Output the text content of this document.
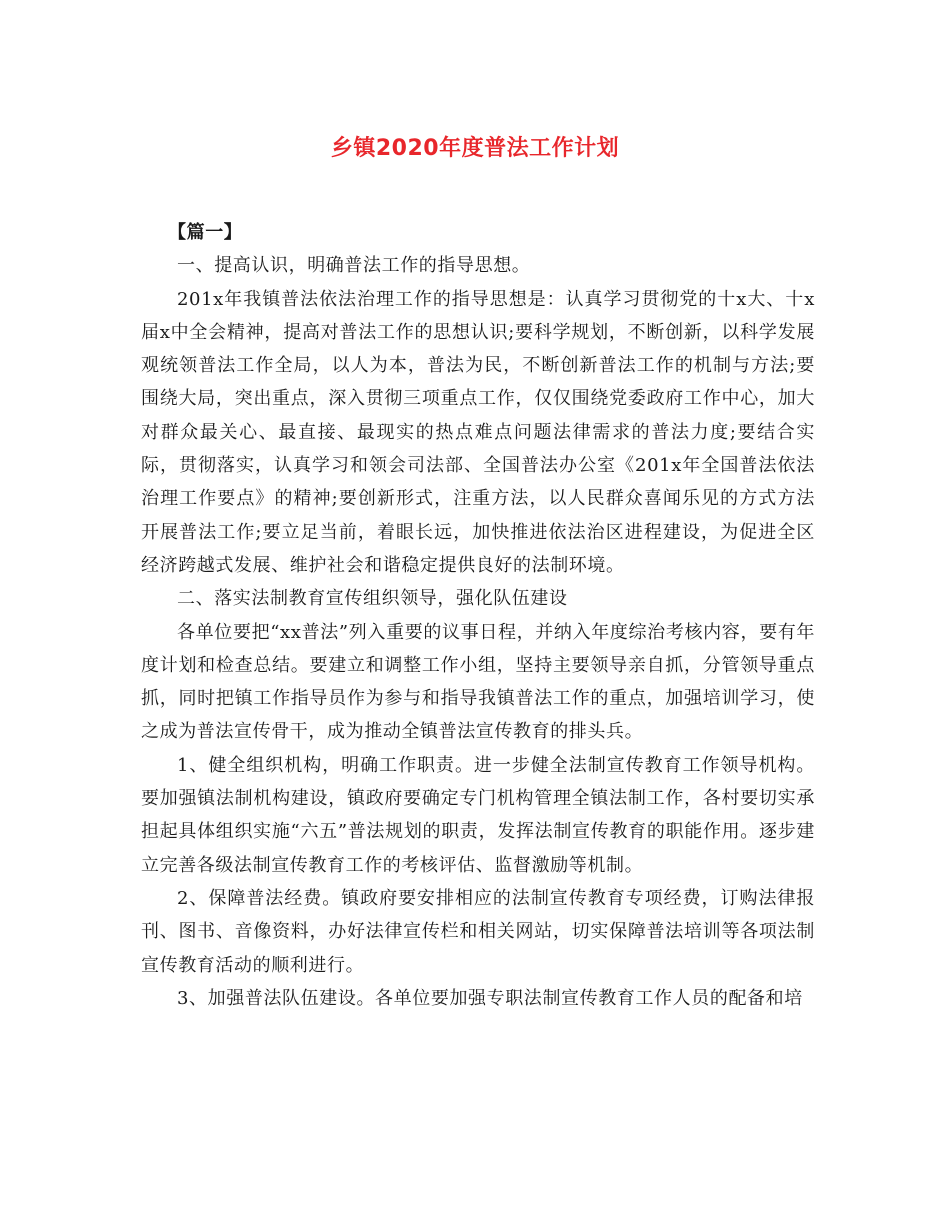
乡镇2020年度普法工作计划

【篇一】

一、提高认识，明确普法工作的指导思想。

201x年我镇普法依法治理工作的指导思想是：认真学习贯彻党的十x大、十x届x中全会精神，提高对普法工作的思想认识;要科学规划，不断创新，以科学发展观统领普法工作全局，以人为本，普法为民，不断创新普法工作的机制与方法;要围绕大局，突出重点，深入贯彻三项重点工作，仅仅围绕党委政府工作中心，加大对群众最关心、最直接、最现实的热点难点问题法律需求的普法力度;要结合实际，贯彻落实，认真学习和领会司法部、全国普法办公室《201x年全国普法依法治理工作要点》的精神;要创新形式，注重方法，以人民群众喜闻乐见的方式方法开展普法工作;要立足当前，着眼长远，加快推进依法治区进程建设，为促进全区经济跨越式发展、维护社会和谐稳定提供良好的法制环境。

二、落实法制教育宣传组织领导，强化队伍建设

各单位要把“xx普法”列入重要的议事日程，并纳入年度综治考核内容，要有年度计划和检查总结。要建立和调整工作小组，坚持主要领导亲自抓，分管领导重点抓，同时把镇工作指导员作为参与和指导我镇普法工作的重点，加强培训学习，使之成为普法宣传骨干，成为推动全镇普法宣传教育的排头兵。

1、健全组织机构，明确工作职责。进一步健全法制宣传教育工作领导机构。要加强镇法制机构建设，镇政府要确定专门机构管理全镇法制工作，各村要切实承担起具体组织实施“六五”普法规划的职责，发挥法制宣传教育的职能作用。逐步建立完善各级法制宣传教育工作的考核评估、监督激励等机制。

2、保障普法经费。镇政府要安排相应的法制宣传教育专项经费，订购法律报刊、图书、音像资料，办好法律宣传栏和相关网站，切实保障普法培训等各项法制宣传教育活动的顺利进行。

3、加强普法队伍建设。各单位要加强专职法制宣传教育工作人员的配备和培
